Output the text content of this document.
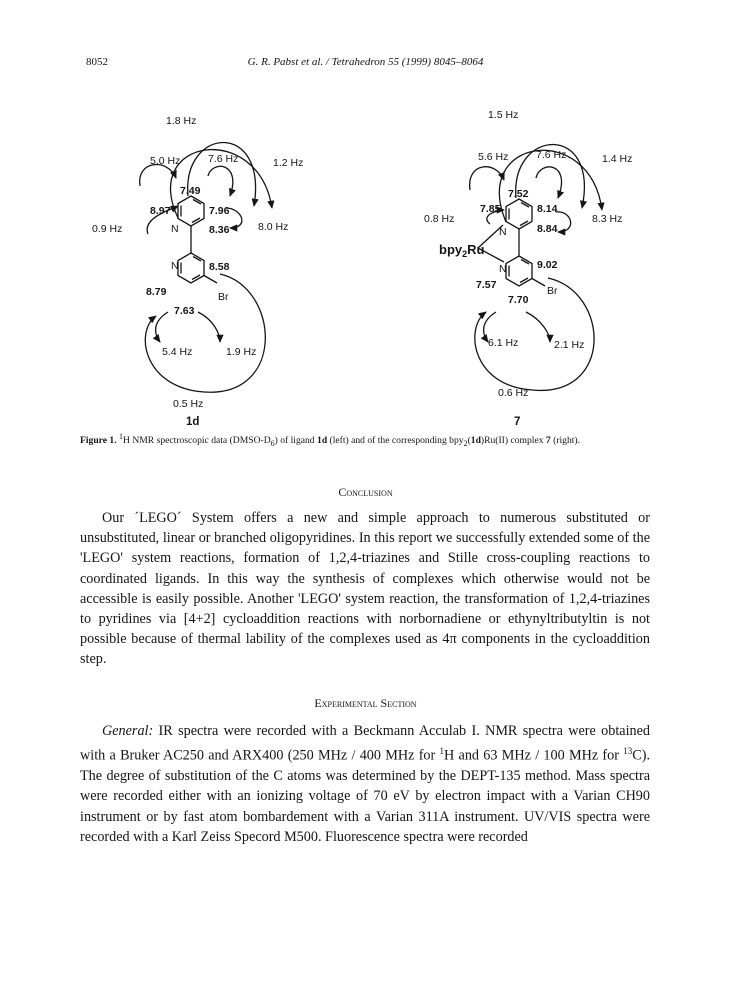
8052	G. R. Pabst et al. / Tetrahedron 55 (1999) 8045–8064
1.8 Hz
5.0 Hz	7.6 Hz	1.2 Hz
0.9 Hz	8.0 Hz
5.4 Hz	1.9 Hz
0.5 Hz
7.49
8.97	7.96
8.36
8.58
8.79
7.63
N
N
Br
1d
1.5 Hz
5.6 Hz	7.6 Hz	1.4 Hz
0.8 Hz	8.3 Hz
6.1 Hz	2.1 Hz
0.6 Hz
7.52
7.85	8.14
8.84
9.02
7.57
7.70
N
N
Br
bpy$_2$Ru
7
Figure 1. $^1$H NMR spectroscopic data $(DMSO-D_6)$ of ligand 1d (left) and of the corresponding bpy$_2$(1d)Ru(II) complex 7 (right).
Conclusion
Our ´LEGO´ System offers a new and simple approach to numerous substituted or unsubstituted, linear or branched oligopyridines. In this report we successfully extended some of the 'LEGO' system reactions, formation of 1,2,4-triazines and Stille cross-coupling reactions to coordinated ligands. In this way the synthesis of complexes which otherwise would not be accessible is easily possible. Another 'LEGO' system reaction, the transformation of 1,2,4-triazines to pyridines via [4+2] cycloaddition reactions with norbornadiene or ethynyltributyltin is not possible because of thermal lability of the complexes used as 4π components in the cycloaddition step.
Experimental Section
General: IR spectra were recorded with a Beckmann Acculab I. NMR spectra were obtained with a Bruker AC250 and ARX400 (250 MHz / 400 MHz for $^1$H and 63 MHz / 100 MHz for $^{13}$C). The degree of substitution of the C atoms was determined by the DEPT-135 method. Mass spectra were recorded either with an ionizing voltage of 70 eV by electron impact with a Varian CH90 instrument or by fast atom bombardement with a Varian 311A instrument. UV/VIS spectra were recorded with a Karl Zeiss Specord M500. Fluorescence spectra were recorded
